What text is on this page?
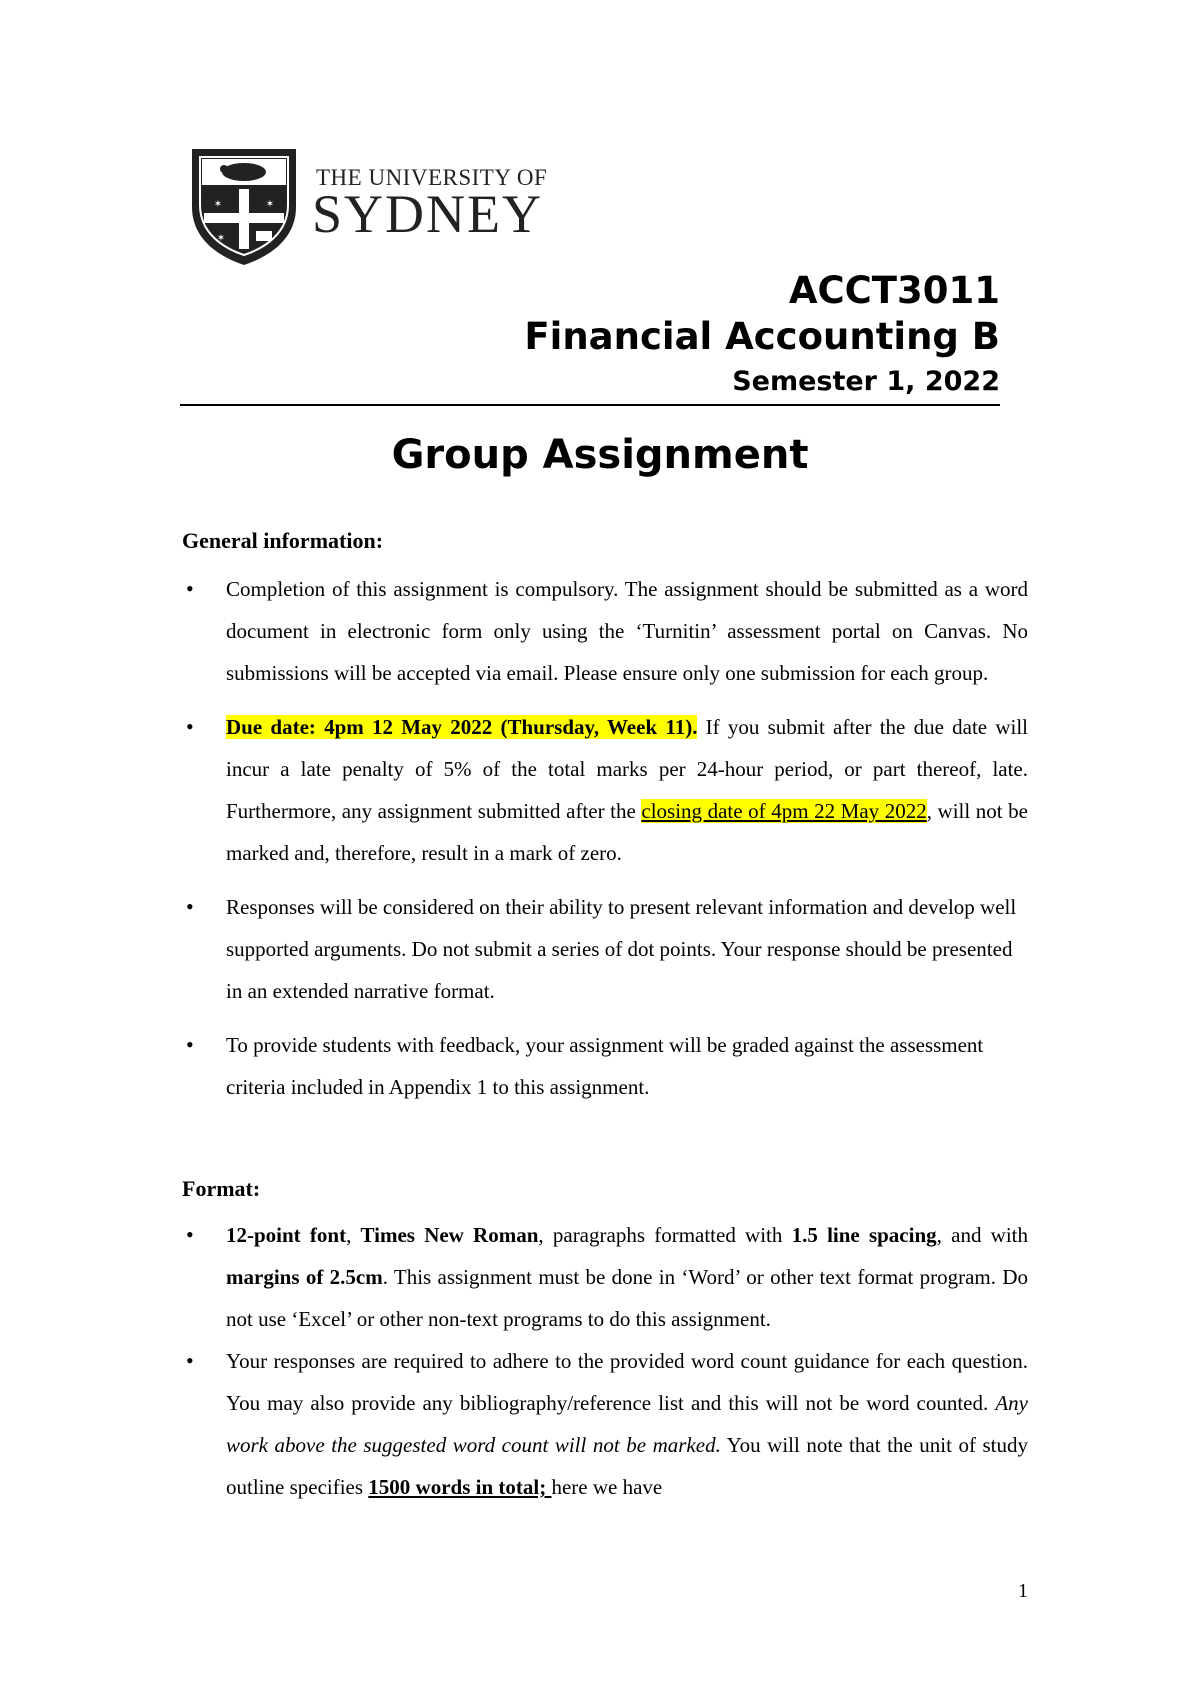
✶	✶
✶
THE UNIVERSITY OF
SYDNEY
ACCT3011
Financial Accounting B
Semester 1, 2022
Group Assignment
General information:
• Completion of this assignment is compulsory. The assignment should be submitted as a word document in electronic form only using the ‘Turnitin’ assessment portal on Canvas. No submissions will be accepted via email. Please ensure only one submission for each group.
• Due date: 4pm 12 May 2022 (Thursday, Week 11). If you submit after the due date will incur a late penalty of 5% of the total marks per 24-hour period, or part thereof, late. Furthermore, any assignment submitted after the closing date of 4pm 22 May 2022, will not be marked and, therefore, result in a mark of zero.
• Responses will be considered on their ability to present relevant information and develop well supported arguments. Do not submit a series of dot points. Your response should be presented in an extended narrative format.
• To provide students with feedback, your assignment will be graded against the assessment criteria included in Appendix 1 to this assignment.
Format:
• 12-point font, Times New Roman, paragraphs formatted with 1.5 line spacing, and with margins of 2.5cm. This assignment must be done in ‘Word’ or other text format program. Do not use ‘Excel’ or other non-text programs to do this assignment.
• Your responses are required to adhere to the provided word count guidance for each question. You may also provide any bibliography/reference list and this will not be word counted. Any work above the suggested word count will not be marked. You will note that the unit of study outline specifies 1500 words in total; here we have
1
